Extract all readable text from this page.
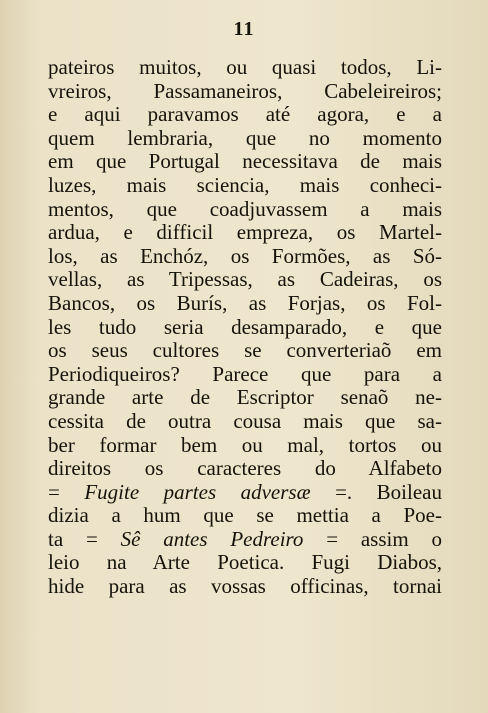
11
pateiros muitos, ou quasi todos, Li-
vreiros, Passamaneiros, Cabeleireiros;
e aqui paravamos até agora, e a
quem lembraria, que no momento
em que Portugal necessitava de mais
luzes, mais sciencia, mais conheci-
mentos, que coadjuvassem a mais
ardua, e difficil empreza, os Martel-
los, as Enchóz, os Formões, as Só-
vellas, as Tripessas, as Cadeiras, os
Bancos, os Burís, as Forjas, os Fol-
les tudo seria desamparado, e que
os seus cultores se converteriaõ em
Periodiqueiros? Parece que para a
grande arte de Escriptor senaõ ne-
cessita de outra cousa mais que sa-
ber formar bem ou mal, tortos ou
direitos os caracteres do Alfabeto
= Fugite partes adversæ =. Boileau
dizia a hum que se mettia a Poe-
ta = Sê antes Pedreiro = assim o
leio na Arte Poetica. Fugi Diabos,
hide para as vossas officinas, tornai
